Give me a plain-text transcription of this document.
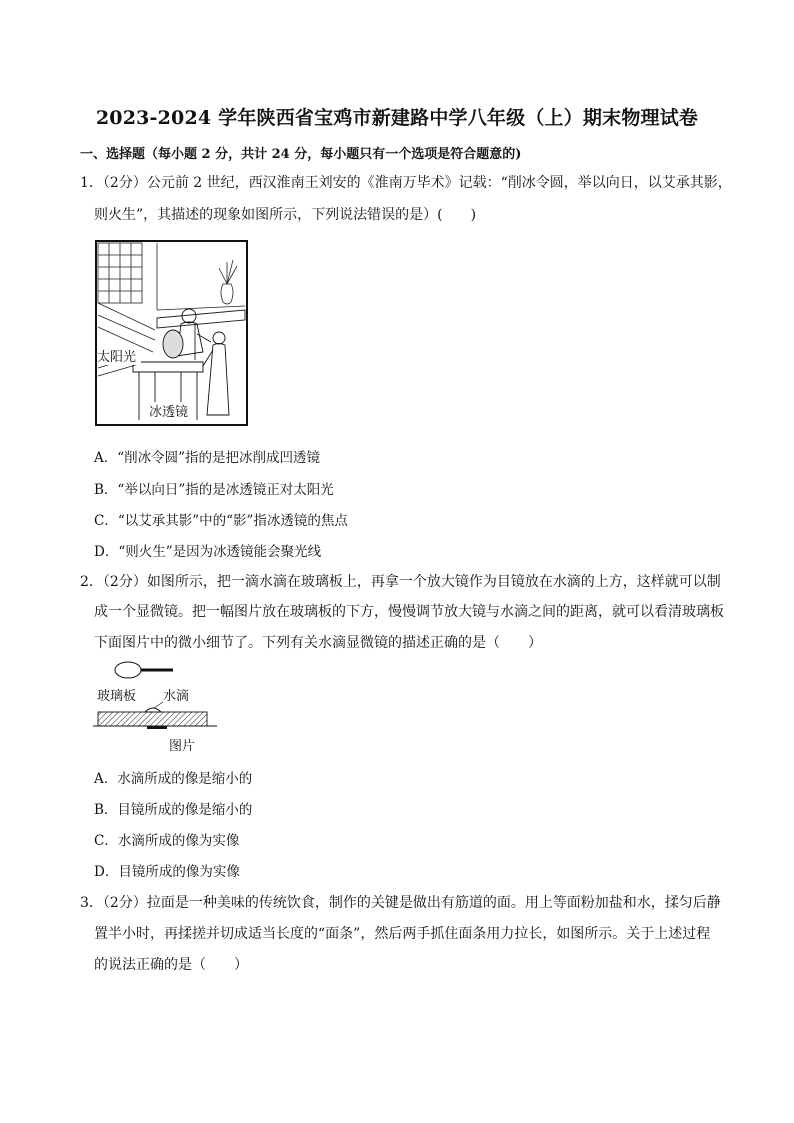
2023-2024 学年陕西省宝鸡市新建路中学八年级（上）期末物理试卷
一、选择题（每小题 2 分，共计 24 分，每小题只有一个选项是符合题意的)
1．（2分）公元前 2 世纪，西汉淮南王刘安的《淮南万毕术》记载：“削冰令圆，举以向日，以艾承其影，
则火生”，其描述的现象如图所示，下列说法错误的是）(　　)
太阳光
冰透镜
A．“削冰令圆”指的是把冰削成凹透镜
B．“举以向日”指的是冰透镜正对太阳光
C．“以艾承其影”中的“影”指冰透镜的焦点
D．“则火生”是因为冰透镜能会聚光线
2．（2分）如图所示，把一滴水滴在玻璃板上，再拿一个放大镜作为目镜放在水滴的上方，这样就可以制
成一个显微镜。把一幅图片放在玻璃板的下方，慢慢调节放大镜与水滴之间的距离，就可以看清玻璃板
下面图片中的微小细节了。下列有关水滴显微镜的描述正确的是（　　）
玻璃板 水滴
图片
A．水滴所成的像是缩小的
B．目镜所成的像是缩小的
C．水滴所成的像为实像
D．目镜所成的像为实像
3．（2分）拉面是一种美味的传统饮食，制作的关键是做出有筋道的面。用上等面粉加盐和水，揉匀后静
置半小时，再揉搓并切成适当长度的“面条”，然后两手抓住面条用力拉长，如图所示。关于上述过程
的说法正确的是（　　）
